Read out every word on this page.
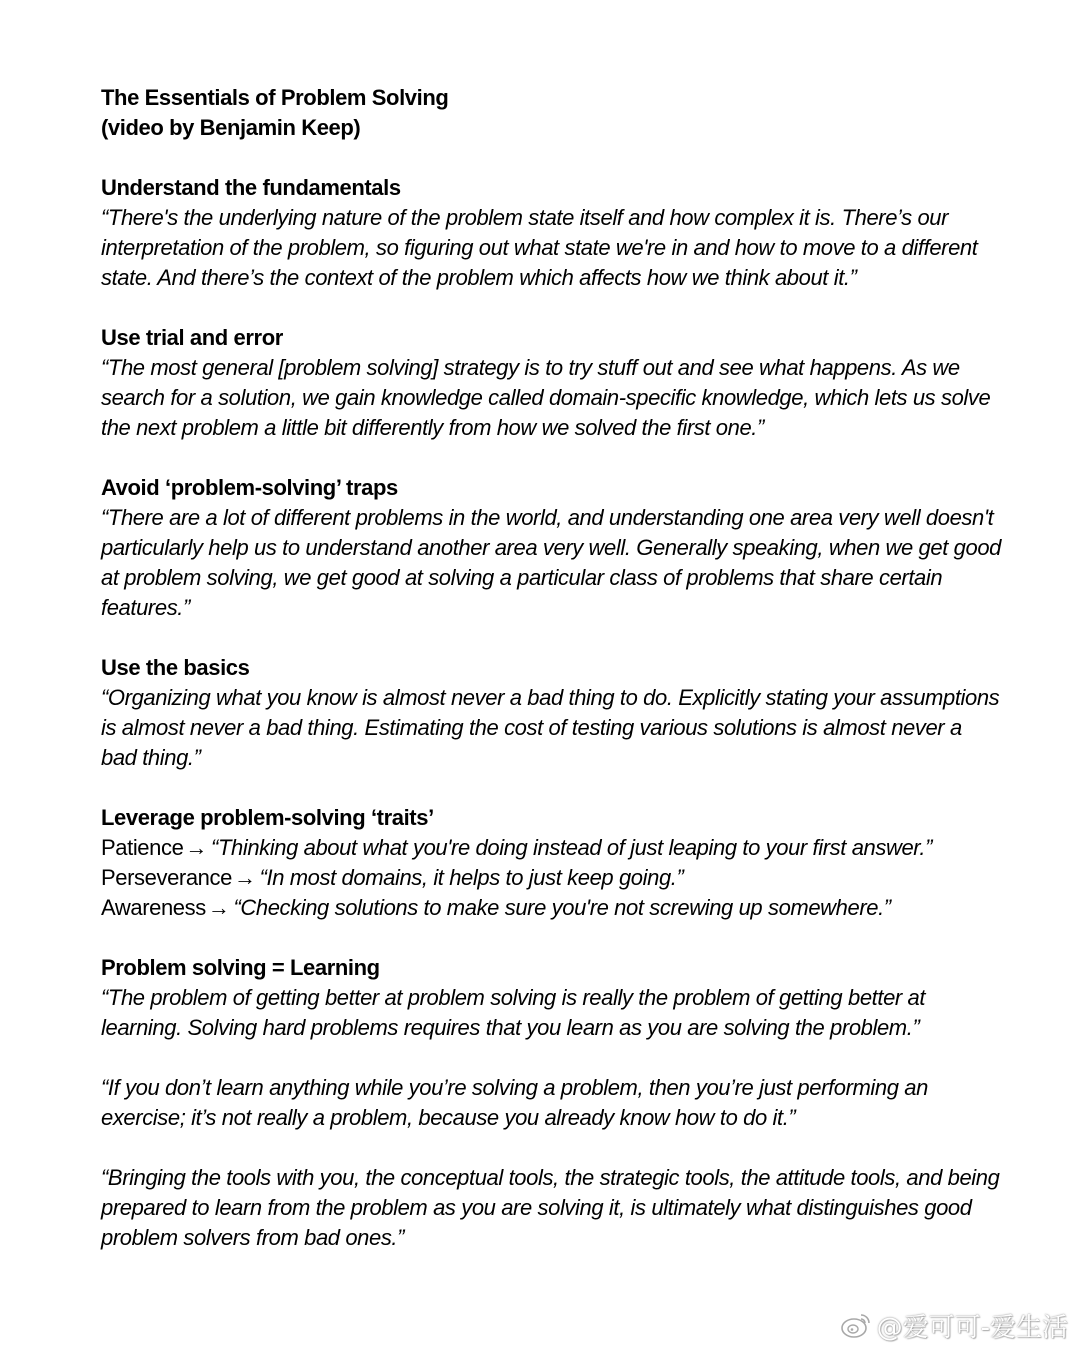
The Essentials of Problem Solving
(video by Benjamin Keep)
Understand the fundamentals
“There's the underlying nature of the problem state itself and how complex it is. There’s our interpretation of the problem, so figuring out what state we're in and how to move to a different state. And there’s the context of the problem which affects how we think about it.”
Use trial and error
“The most general [problem solving] strategy is to try stuff out and see what happens. As we search for a solution, we gain knowledge called domain-specific knowledge, which lets us solve the next problem a little bit differently from how we solved the first one.”
Avoid ‘problem-solving’ traps
“There are a lot of different problems in the world, and understanding one area very well doesn't particularly help us to understand another area very well. Generally speaking, when we get good at problem solving, we get good at solving a particular class of problems that share certain features.”
Use the basics
“Organizing what you know is almost never a bad thing to do. Explicitly stating your assumptions is almost never a bad thing. Estimating the cost of testing various solutions is almost never a bad thing.”
Leverage problem-solving ‘traits’
Patience→ “Thinking about what you're doing instead of just leaping to your first answer.”
Perseverance→ “In most domains, it helps to just keep going.”
Awareness→ “Checking solutions to make sure you're not screwing up somewhere.”
Problem solving = Learning
“The problem of getting better at problem solving is really the problem of getting better at learning. Solving hard problems requires that you learn as you are solving the problem.”
“If you don’t learn anything while you’re solving a problem, then you’re just performing an exercise; it’s not really a problem, because you already know how to do it.”
“Bringing the tools with you, the conceptual tools, the strategic tools, the attitude tools, and being prepared to learn from the problem as you are solving it, is ultimately what distinguishes good problem solvers from bad ones.”
@爱可可-爱生活
